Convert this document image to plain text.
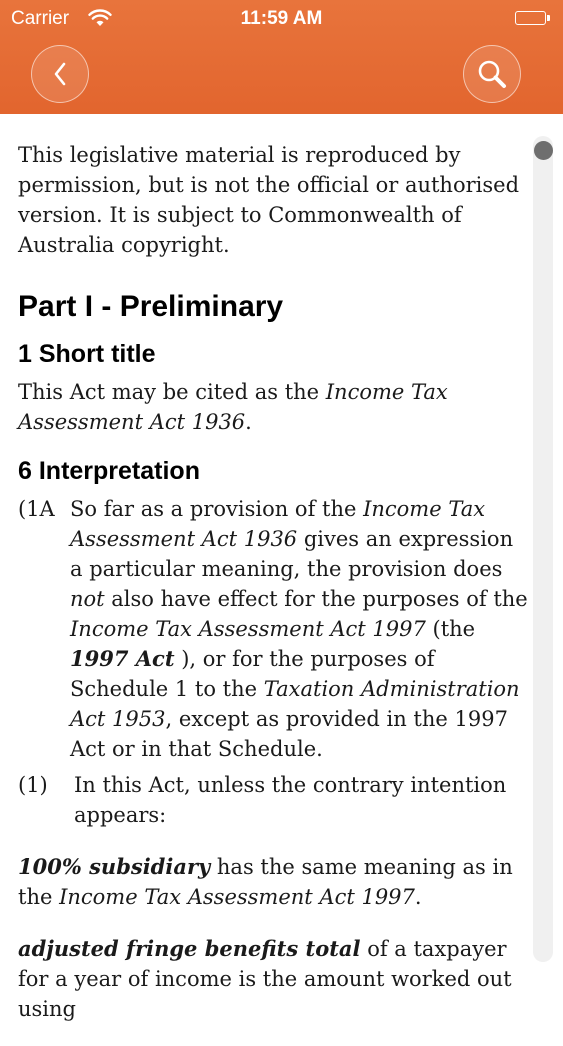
Carrier	11:59 AM

This legislative material is reproduced by permission, but is not the official or authorised version. It is subject to Commonwealth of Australia copyright.

Part I - Preliminary
1 Short title

This Act may be cited as the Income Tax Assessment Act 1936.

6 Interpretation
(1A So far as a provision of the Income Tax Assessment Act 1936 gives an expression a particular meaning, the provision does not also have effect for the purposes of the Income Tax Assessment Act 1997 (the 1997 Act ), or for the purposes of Schedule 1 to the Taxation Administration Act 1953, except as provided in the 1997 Act or in that Schedule.
(1)	In this Act, unless the contrary intention appears:

100% subsidiary has the same meaning as in the Income Tax Assessment Act 1997.

adjusted fringe benefits total of a taxpayer for a year of income is the amount worked out using
